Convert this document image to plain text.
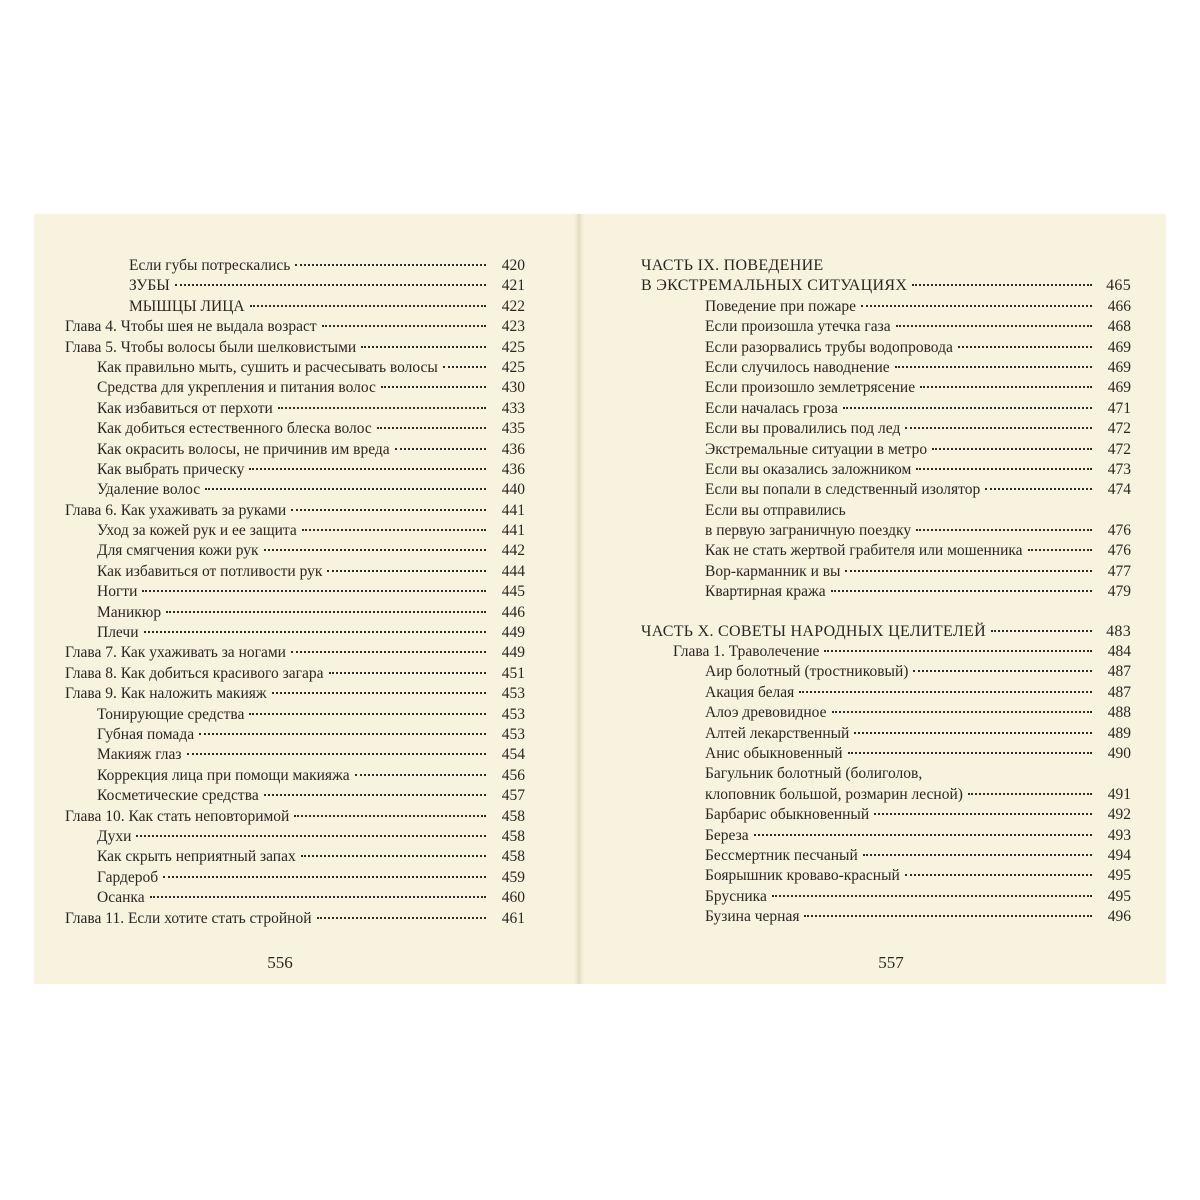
Если губы потрескались	420
ЗУБЫ	421
МЫШЦЫ ЛИЦА	422
Глава 4. Чтобы шея не выдала возраст	423
Глава 5. Чтобы волосы были шелковистыми	425
Как правильно мыть, сушить и расчесывать волосы	425
Средства для укрепления и питания волос	430
Как избавиться от перхоти	433
Как добиться естественного блеска волос	435
Как окрасить волосы, не причинив им вреда	436
Как выбрать прическу	436
Удаление волос	440
Глава 6. Как ухаживать за руками	441
Уход за кожей рук и ее защита	441
Для смягчения кожи рук	442
Как избавиться от потливости рук	444
Ногти	445
Маникюр	446
Плечи	449
Глава 7. Как ухаживать за ногами	449
Глава 8. Как добиться красивого загара	451
Глава 9. Как наложить макияж	453
Тонирующие средства	453
Губная помада	453
Макияж глаз	454
Коррекция лица при помощи макияжа	456
Косметические средства	457
Глава 10. Как стать неповторимой	458
Духи	458
Как скрыть неприятный запах	458
Гардероб	459
Осанка	460
Глава 11. Если хотите стать стройной	461
556
ЧАСТЬ IX. ПОВЕДЕНИЕ
В ЭКСТРЕМАЛЬНЫХ СИТУАЦИЯХ	465
Поведение при пожаре	466
Если произошла утечка газа	468
Если разорвались трубы водопровода	469
Если случилось наводнение	469
Если произошло землетрясение	469
Если началась гроза	471
Если вы провалились под лед	472
Экстремальные ситуации в метро	472
Если вы оказались заложником	473
Если вы попали в следственный изолятор	474
Если вы отправились
в первую заграничную поездку	476
Как не стать жертвой грабителя или мошенника	476
Вор-карманник и вы	477
Квартирная кража	479
ЧАСТЬ X. СОВЕТЫ НАРОДНЫХ ЦЕЛИТЕЛЕЙ	483
Глава 1. Траволечение	484
Аир болотный (тростниковый)	487
Акация белая	487
Алоэ древовидное	488
Алтей лекарственный	489
Анис обыкновенный	490
Багульник болотный (болиголов,
клоповник большой, розмарин лесной)	491
Барбарис обыкновенный	492
Береза	493
Бессмертник песчаный	494
Боярышник кроваво-красный	495
Брусника	495
Бузина черная	496
557
